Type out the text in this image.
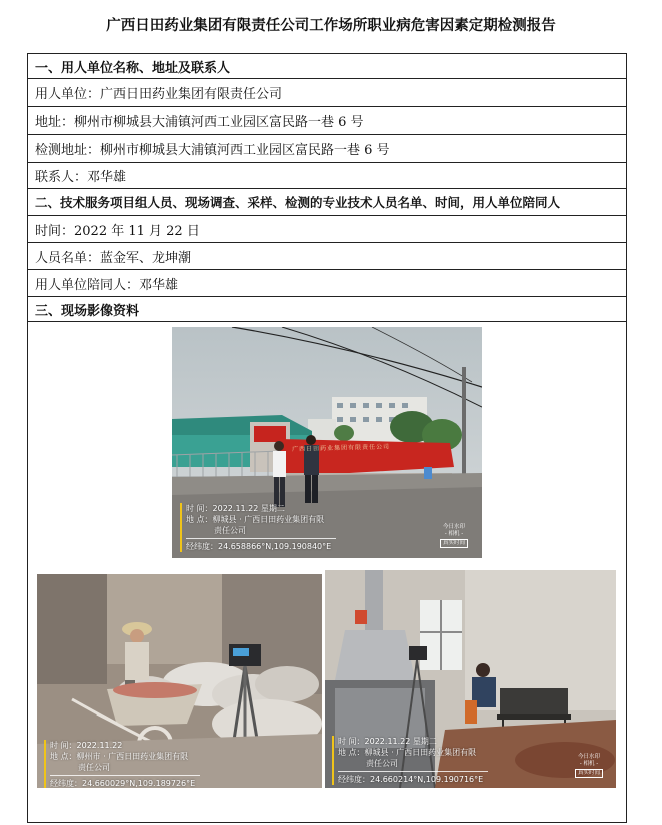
广西日田药业集团有限责任公司工作场所职业病危害因素定期检测报告
一、用人单位名称、地址及联系人
用人单位：广西日田药业集团有限责任公司
地址：柳州市柳城县大浦镇河西工业园区富民路一巷 6 号
检测地址：柳州市柳城县大浦镇河西工业园区富民路一巷 6 号
联系人：邓华雄
二、技术服务项目组人员、现场调查、采样、检测的专业技术人员名单、时间，用人单位陪同人
时间：2022 年 11 月 22 日
人员名单：蓝金军、龙坤潮
用人单位陪同人：邓华雄
三、现场影像资料
广西日田药业集团有限责任公司
时 间：2022.11.22 星期二
地 点：柳城县 · 广西日田药业集团有限
责任公司
经纬度：24.658866°N,109.190840°E
今日水印
- 相机 -
真实时间
时 间：2022.11.22
地 点：柳州市 · 广西日田药业集团有限
责任公司
经纬度：24.660029°N,109.189726°E
时 间：2022.11.22 星期二
地 点：柳城县 · 广西日田药业集团有限
责任公司
经纬度：24.660214°N,109.190716°E
今日水印
- 相机 -
真实时间
